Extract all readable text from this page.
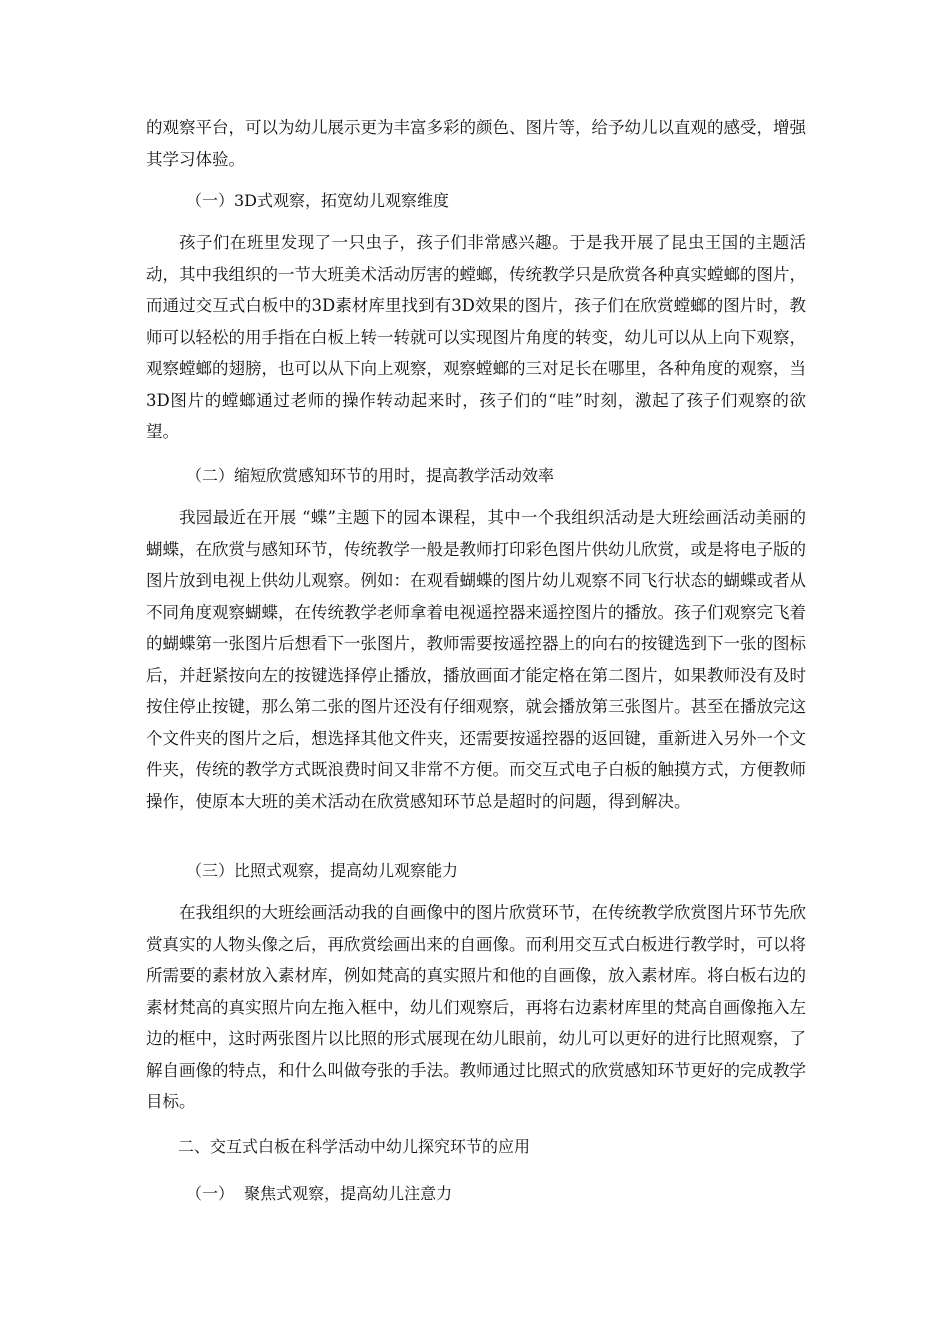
的观察平台，可以为幼儿展示更为丰富多彩的颜色、图片等，给予幼儿以直观的感受，增强其学习体验。

（一）3D式观察，拓宽幼儿观察维度

孩子们在班里发现了一只虫子，孩子们非常感兴趣。于是我开展了昆虫王国的主题活动，其中我组织的一节大班美术活动厉害的螳螂，传统教学只是欣赏各种真实螳螂的图片，而通过交互式白板中的3D素材库里找到有3D效果的图片，孩子们在欣赏螳螂的图片时，教师可以轻松的用手指在白板上转一转就可以实现图片角度的转变，幼儿可以从上向下观察，观察螳螂的翅膀，也可以从下向上观察，观察螳螂的三对足长在哪里，各种角度的观察，当3D图片的螳螂通过老师的操作转动起来时，孩子们的“哇”时刻，激起了孩子们观察的欲望。

（二）缩短欣赏感知环节的用时，提高教学活动效率

我园最近在开展 “蝶”主题下的园本课程，其中一个我组织活动是大班绘画活动美丽的蝴蝶，在欣赏与感知环节，传统教学一般是教师打印彩色图片供幼儿欣赏，或是将电子版的图片放到电视上供幼儿观察。例如：在观看蝴蝶的图片幼儿观察不同飞行状态的蝴蝶或者从不同角度观察蝴蝶，在传统教学老师拿着电视遥控器来遥控图片的播放。孩子们观察完飞着的蝴蝶第一张图片后想看下一张图片，教师需要按遥控器上的向右的按键选到下一张的图标后，并赶紧按向左的按键选择停止播放，播放画面才能定格在第二图片，如果教师没有及时按住停止按键，那么第二张的图片还没有仔细观察，就会播放第三张图片。甚至在播放完这个文件夹的图片之后，想选择其他文件夹，还需要按遥控器的返回键，重新进入另外一个文件夹，传统的教学方式既浪费时间又非常不方便。而交互式电子白板的触摸方式，方便教师操作，使原本大班的美术活动在欣赏感知环节总是超时的问题，得到解决。

（三）比照式观察，提高幼儿观察能力

在我组织的大班绘画活动我的自画像中的图片欣赏环节，在传统教学欣赏图片环节先欣赏真实的人物头像之后，再欣赏绘画出来的自画像。而利用交互式白板进行教学时，可以将所需要的素材放入素材库，例如梵高的真实照片和他的自画像，放入素材库。将白板右边的素材梵高的真实照片向左拖入框中，幼儿们观察后，再将右边素材库里的梵高自画像拖入左边的框中，这时两张图片以比照的形式展现在幼儿眼前，幼儿可以更好的进行比照观察，了解自画像的特点，和什么叫做夸张的手法。教师通过比照式的欣赏感知环节更好的完成教学目标。

二、交互式白板在科学活动中幼儿探究环节的应用

（一）  聚焦式观察，提高幼儿注意力
